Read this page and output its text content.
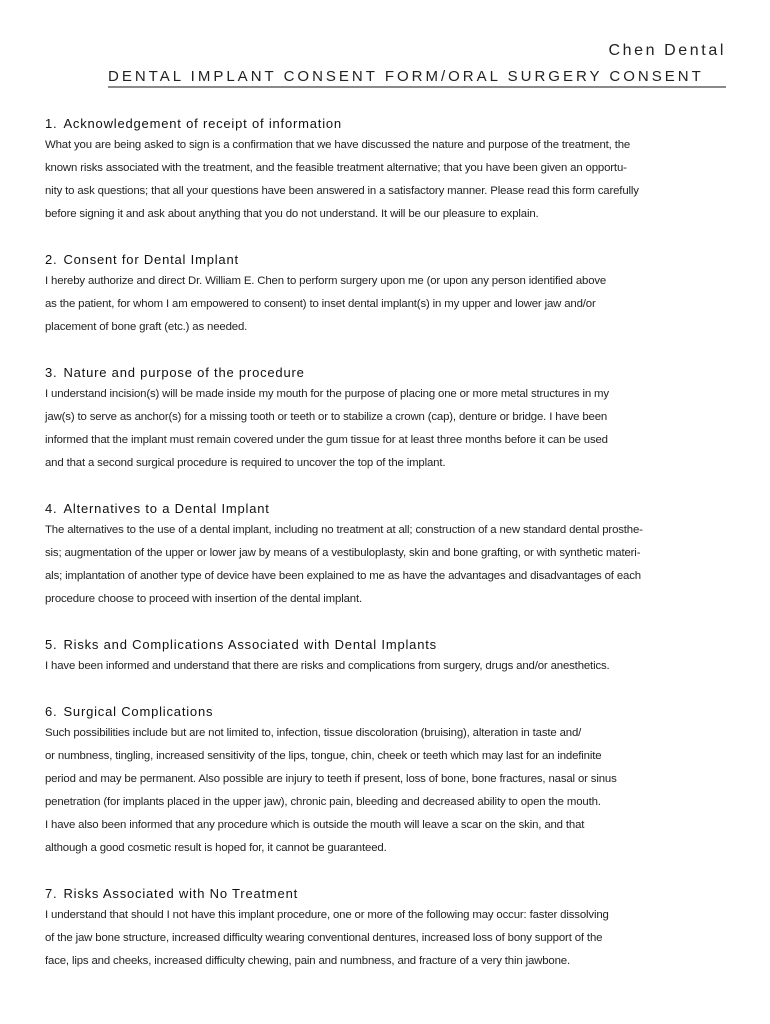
Chen Dental
DENTAL IMPLANT CONSENT FORM/ORAL SURGERY CONSENT
1. Acknowledgement of receipt of information
What you are being asked to sign is a confirmation that we have discussed the nature and purpose of the treatment, the
known risks associated with the treatment, and the feasible treatment alternative; that you have been given an opportu-
nity to ask questions; that all your questions have been answered in a satisfactory manner. Please read this form carefully
before signing it and ask about anything that you do not understand. It will be our pleasure to explain.
2. Consent for Dental Implant
I hereby authorize and direct Dr. William E. Chen to perform surgery upon me (or upon any person identified above
as the patient, for whom I am empowered to consent) to inset dental implant(s) in my upper and lower jaw and/or
placement of bone graft (etc.) as needed.
3. Nature and purpose of the procedure
I understand incision(s) will be made inside my mouth for the purpose of placing one or more metal structures in my
jaw(s) to serve as anchor(s) for a missing tooth or teeth or to stabilize a crown (cap), denture or bridge. I have been
informed that the implant must remain covered under the gum tissue for at least three months before it can be used
and that a second surgical procedure is required to uncover the top of the implant.
4. Alternatives to a Dental Implant
The alternatives to the use of a dental implant, including no treatment at all; construction of a new standard dental prosthe-
sis; augmentation of the upper or lower jaw by means of a vestibuloplasty, skin and bone grafting, or with synthetic materi-
als; implantation of another type of device have been explained to me as have the advantages and disadvantages of each
procedure choose to proceed with insertion of the dental implant.
5. Risks and Complications Associated with Dental Implants
I have been informed and understand that there are risks and complications from surgery, drugs and/or anesthetics.
6. Surgical Complications
Such possibilities include but are not limited to, infection, tissue discoloration (bruising), alteration in taste and/
or numbness, tingling, increased sensitivity of the lips, tongue, chin, cheek or teeth which may last for an indefinite
period and may be permanent. Also possible are injury to teeth if present, loss of bone, bone fractures, nasal or sinus
penetration (for implants placed in the upper jaw), chronic pain, bleeding and decreased ability to open the mouth.
I have also been informed that any procedure which is outside the mouth will leave a scar on the skin, and that
although a good cosmetic result is hoped for, it cannot be guaranteed.
7. Risks Associated with No Treatment
I understand that should I not have this implant procedure, one or more of the following may occur: faster dissolving
of the jaw bone structure, increased difficulty wearing conventional dentures, increased loss of bony support of the
face, lips and cheeks, increased difficulty chewing, pain and numbness, and fracture of a very thin jawbone.
